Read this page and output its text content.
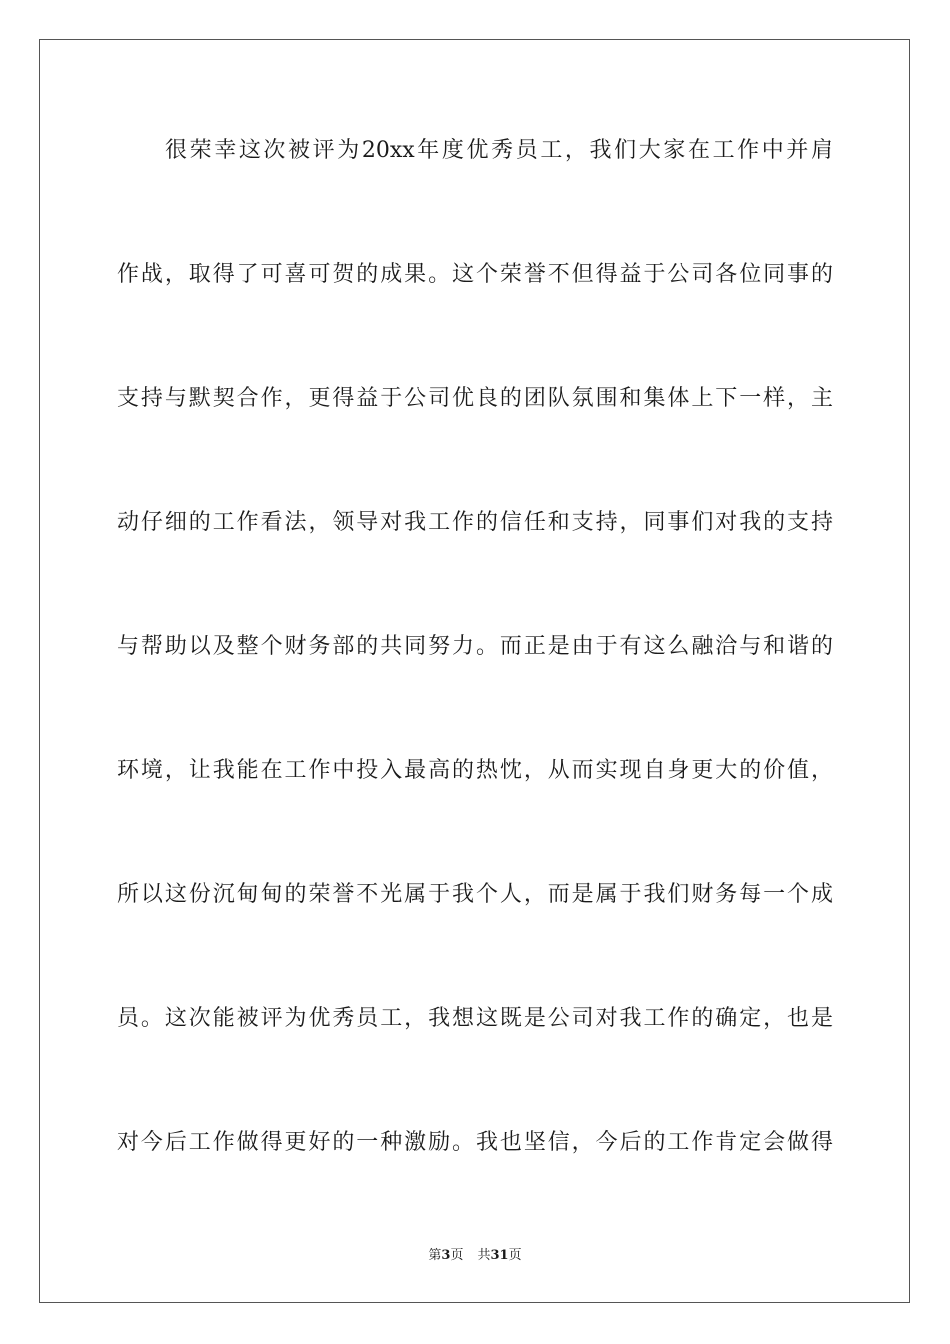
很荣幸这次被评为20xx年度优秀员工，我们大家在工作中并肩
作战，取得了可喜可贺的成果。这个荣誉不但得益于公司各位同事的
支持与默契合作，更得益于公司优良的团队氛围和集体上下一样，主
动仔细的工作看法，领导对我工作的信任和支持，同事们对我的支持
与帮助以及整个财务部的共同努力。而正是由于有这么融洽与和谐的
环境，让我能在工作中投入最高的热忱，从而实现自身更大的价值，
所以这份沉甸甸的荣誉不光属于我个人，而是属于我们财务每一个成
员。这次能被评为优秀员工，我想这既是公司对我工作的确定，也是
对今后工作做得更好的一种激励。我也坚信，今后的工作肯定会做得
第3页 共31页
